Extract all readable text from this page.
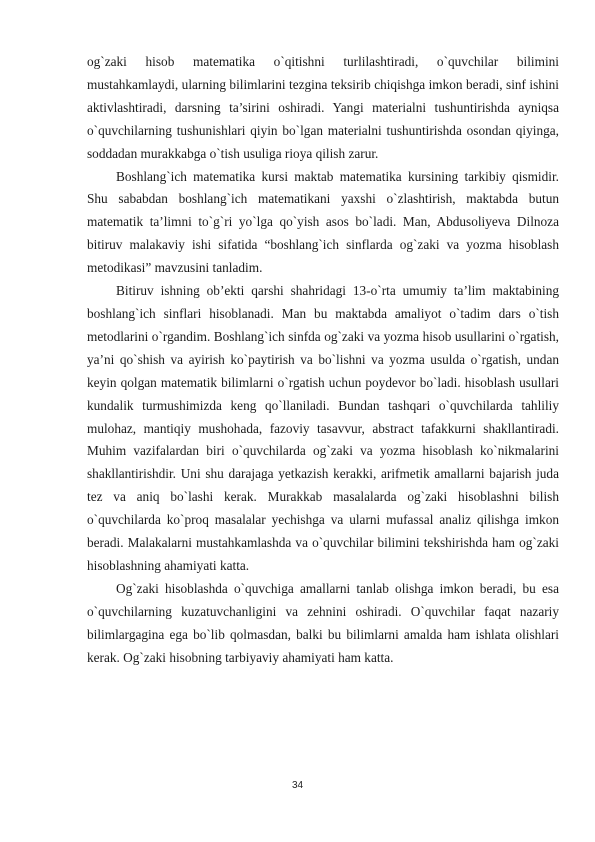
og`zaki hisob matematika o`qitishni turlilashtiradi, o`quvchilar bilimini mustahkamlaydi, ularning bilimlarini tezgina teksirib chiqishga imkon beradi, sinf ishini aktivlashtiradi, darsning ta’sirini oshiradi. Yangi materialni tushuntirishda ayniqsa o`quvchilarning tushunishlari qiyin bo`lgan materialni tushuntirishda osondan qiyinga, soddadan murakkabga o`tish usuliga rioya qilish zarur.

Boshlang`ich matematika kursi maktab matematika kursining tarkibiy qismidir. Shu sababdan boshlang`ich matematikani yaxshi o`zlashtirish, maktabda butun matematik ta’limni to`g`ri yo`lga qo`yish asos bo`ladi. Man, Abdusoliyeva Dilnoza bitiruv malakaviy ishi sifatida “boshlang`ich sinflarda og`zaki va yozma hisoblash metodikasi” mavzusini tanladim.

Bitiruv ishning ob’ekti qarshi shahridagi 13-o`rta umumiy ta’lim maktabining boshlang`ich sinflari hisoblanadi. Man bu maktabda amaliyot o`tadim dars o`tish metodlarini o`rgandim. Boshlang`ich sinfda og`zaki va yozma hisob usullarini o`rgatish, ya’ni qo`shish va ayirish ko`paytirish va bo`lishni va yozma usulda o`rgatish, undan keyin qolgan matematik bilimlarni o`rgatish uchun poydevor bo`ladi. hisoblash usullari kundalik turmushimizda keng qo`llaniladi. Bundan tashqari o`quvchilarda tahliliy mulohaz, mantiqiy mushohada, fazoviy tasavvur, abstract tafakkurni shakllantiradi. Muhim vazifalardan biri o`quvchilarda og`zaki va yozma hisoblash ko`nikmalarini shakllantirishdir. Uni shu darajaga yetkazish kerakki, arifmetik amallarni bajarish juda tez va aniq bo`lashi kerak. Murakkab masalalarda og`zaki hisoblashni bilish o`quvchilarda ko`proq masalalar yechishga va ularni mufassal analiz qilishga imkon beradi. Malakalarni mustahkamlashda va o`quvchilar bilimini tekshirishda ham og`zaki hisoblashning ahamiyati katta.

Og`zaki hisoblashda o`quvchiga amallarni tanlab olishga imkon beradi, bu esa o`quvchilarning kuzatuvchanligini va zehnini oshiradi. O`quvchilar faqat nazariy bilimlargagina ega bo`lib qolmasdan, balki bu bilimlarni amalda ham ishlata olishlari kerak. Og`zaki hisobning tarbiyaviy ahamiyati ham katta.

34
